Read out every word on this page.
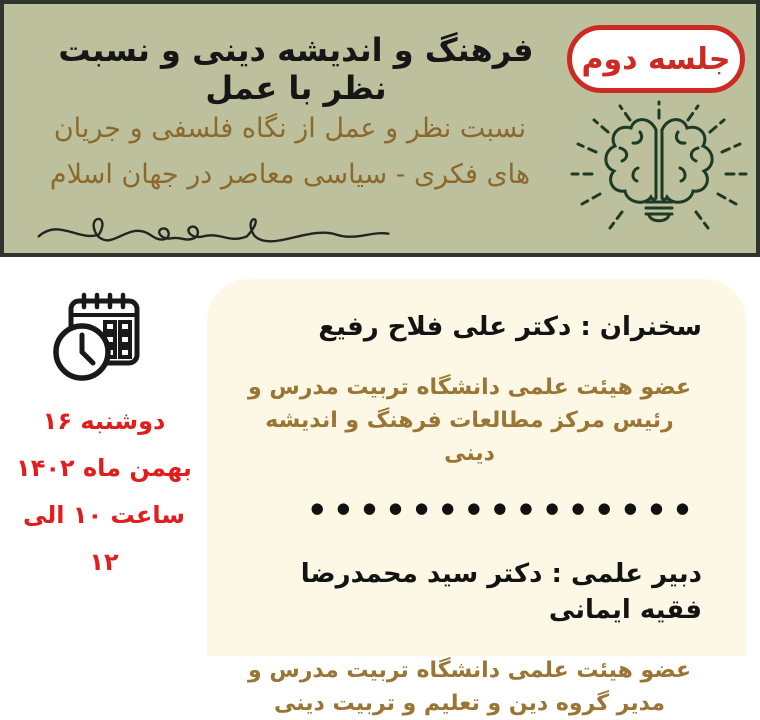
جلسه دوم
فرهنگ و اندیشه دینی و نسبت نظر با عمل
نسبت نظر و عمل از نگاه فلسفی و جریان
های فکری - سیاسی معاصر در جهان اسلام
دوشنبه ۱۶
بهمن ماه ۱۴۰۲
ساعت ۱۰ الی ۱۲
سخنران : دکتر علی فلاح رفیع
عضو هیئت علمی دانشگاه تربیت مدرس و
رئیس مرکز مطالعات فرهنگ و اندیشه دینی
●●●●●●●●●●●●●●●
دبیر علمی : دکتر سید محمدرضا فقیه ایمانی
عضو هیئت علمی دانشگاه تربیت مدرس و
مدیر گروه دین و تعلیم و تربیت دینی
